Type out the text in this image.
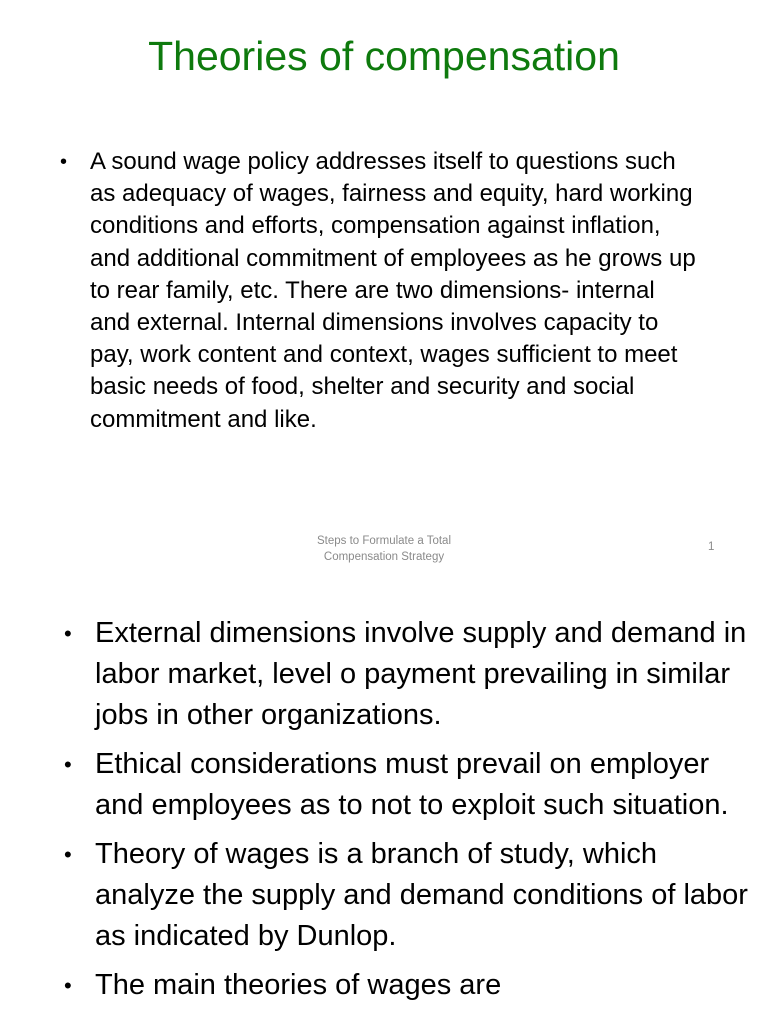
Theories of compensation
• A sound wage policy addresses itself to questions such as adequacy of wages, fairness and equity, hard working conditions and efforts, compensation against inflation, and additional commitment of employees as he grows up to rear family, etc. There are two dimensions- internal and external. Internal dimensions involves capacity to pay, work content and context, wages sufficient to meet basic needs of food, shelter and security and social commitment and like.
Steps to Formulate a Total
Compensation Strategy
1
• External dimensions involve supply and demand in labor market, level o payment prevailing in similar jobs in other organizations.
• Ethical considerations must prevail on employer and employees as to not to exploit such situation.
• Theory of wages is a branch of study, which analyze the supply and demand conditions of labor as indicated by Dunlop.
• The main theories of wages are
